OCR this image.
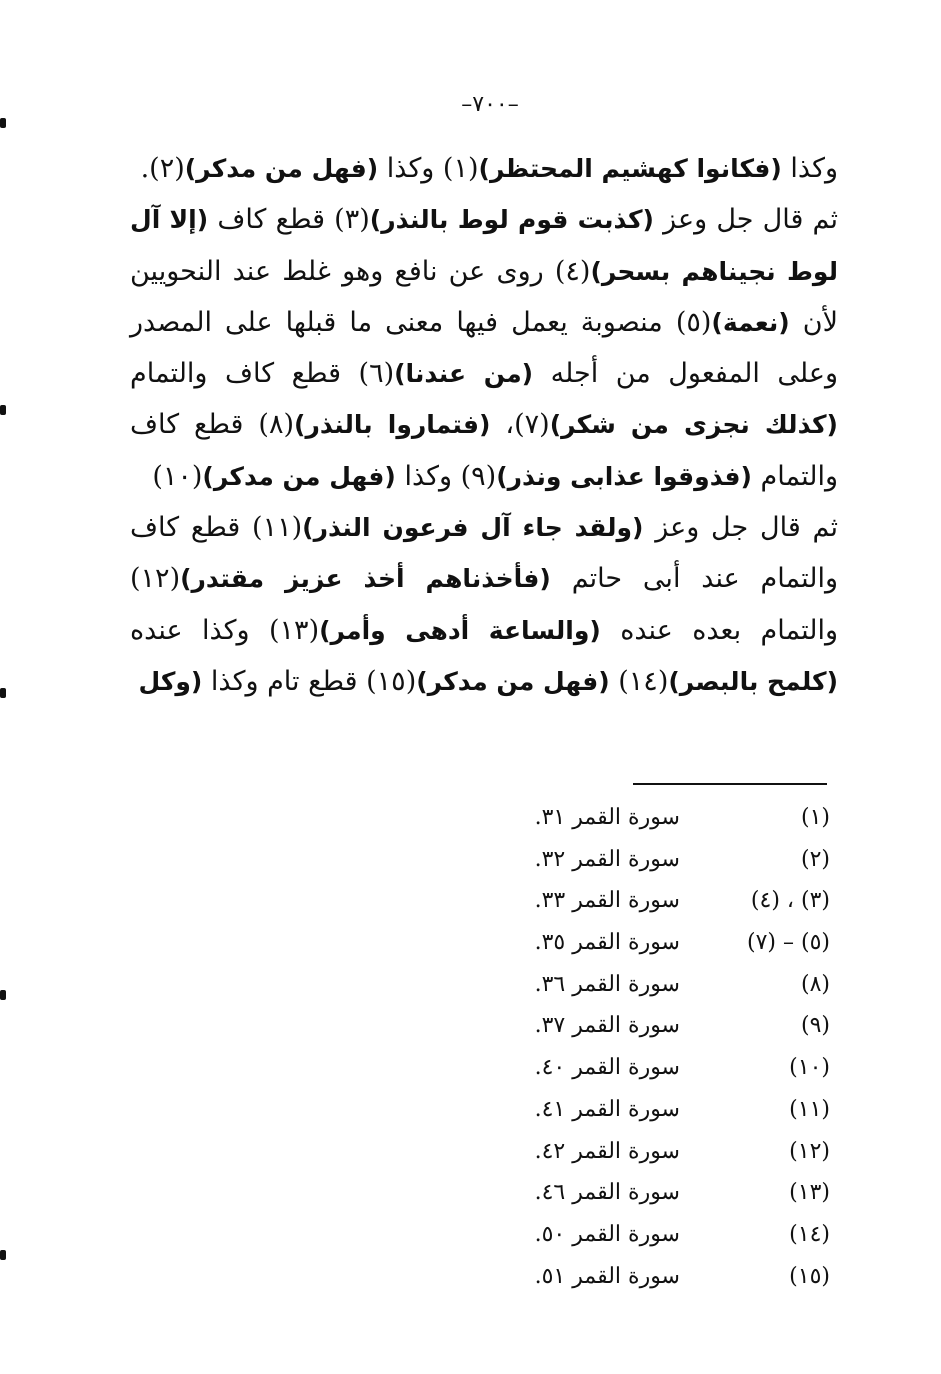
–٧٠٠–

وكذا (فكانوا كهشيم المحتظر)(١) وكذا (فهل من مدكر)(٢).

ثم قال جل وعز (كذبت قوم لوط بالنذر)(٣) قطع كاف (إلا آل لوط نجيناهم بسحر)(٤) روى عن نافع وهو غلط عند النحويين لأن (نعمة)(٥) منصوبة يعمل فيها معنى ما قبلها على المصدر وعلى المفعول من أجله (من عندنا)(٦) قطع كاف والتمام (كذلك نجزى من شكر)(٧)، (فتماروا بالنذر)(٨) قطع كاف والتمام (فذوقوا عذابى ونذر)(٩) وكذا (فهل من مدكر)(١٠)

ثم قال جل وعز (ولقد جاء آل فرعون النذر)(١١) قطع كاف والتمام عند أبى حاتم (فأخذناهم أخذ عزيز مقتدر)(١٢) والتمام بعده عنده (والساعة أدهى وأمر)(١٣) وكذا عنده (كلمح بالبصر)(١٤) (فهل من مدكر)(١٥) قطع تام وكذا (وكل

(١)
سورة القمر ٣١.
(٢)
سورة القمر ٣٢.
(٣) ، (٤)
سورة القمر ٣٣.
(٥) – (٧)
سورة القمر ٣٥.
(٨)
سورة القمر ٣٦.
(٩)
سورة القمر ٣٧.
(١٠)
سورة القمر ٤٠.
(١١)
سورة القمر ٤١.
(١٢)
سورة القمر ٤٢.
(١٣)
سورة القمر ٤٦.
(١٤)
سورة القمر ٥٠.
(١٥)
سورة القمر ٥١.
